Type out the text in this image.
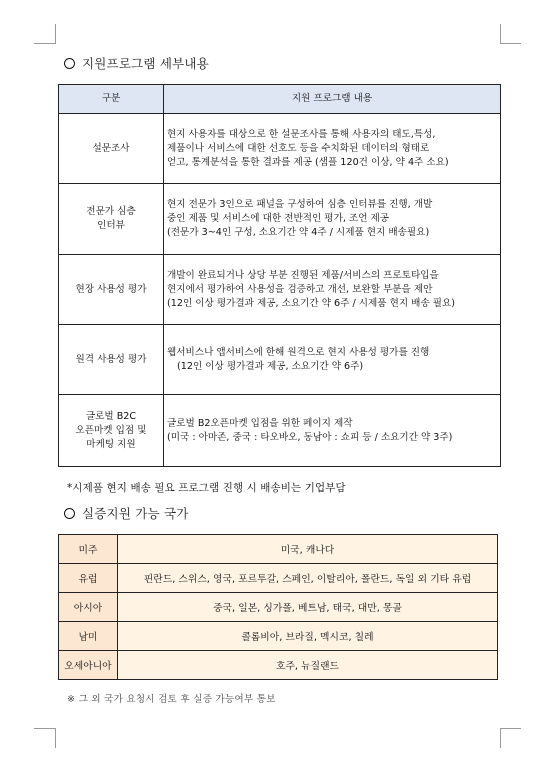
지원프로그램 세부내용
구분	지원 프로그램 내용

설문조사	현지 사용자를 대상으로 한 설문조사를 통해 사용자의 태도,특성,
제품이나 서비스에 대한 선호도 등을 수치화된 데이터의 형태로
얻고, 통계분석을 통한 결과를 제공 (샘플 120건 이상, 약 4주 소요)

전문가 심층
인터뷰	현지 전문가 3인으로 패널을 구성하여 심층 인터뷰를 진행, 개발
중인 제품 및 서비스에 대한 전반적인 평가, 조언 제공
(전문가 3~4인 구성, 소요기간 약 4주 / 시제품 현지 배송필요)

현장 사용성 평가	개발이 완료되거나 상당 부분 진행된 제품/서비스의 프로토타입을
현지에서 평가하여 사용성을 검증하고 개선, 보완할 부분을 제안
(12인 이상 평가결과 제공, 소요기간 약 6주 / 시제품 현지 배송 필요)

원격 사용성 평가	웹서비스나 앱서비스에 한해 원격으로 현지 사용성 평가를 진행
(12인 이상 평가결과 제공, 소요기간 약 6주)

글로벌 B2C
오픈마켓 입점 및
마케팅 지원	글로벌 B2오픈마켓 입점을 위한 페이지 제작
(미국 : 아마존, 중국 : 타오바오, 동남아 : 쇼피 등 / 소요기간 약 3주)
*시제품 현지 배송 필요 프로그램 진행 시 배송비는 기업부담
실증지원 가능 국가
미주	미국, 캐나다
유럽	핀란드, 스위스, 영국, 포르투갈, 스페인, 이탈리아, 폴란드, 독일 외 기타 유럽
아시아	중국, 일본, 싱가폴, 베트남, 태국, 대만, 몽골
남미	콜롬비아, 브라질, 멕시코, 칠레
오세아니아	호주, 뉴질랜드
※ 그 외 국가 요청시 검토 후 실증 가능여부 통보
